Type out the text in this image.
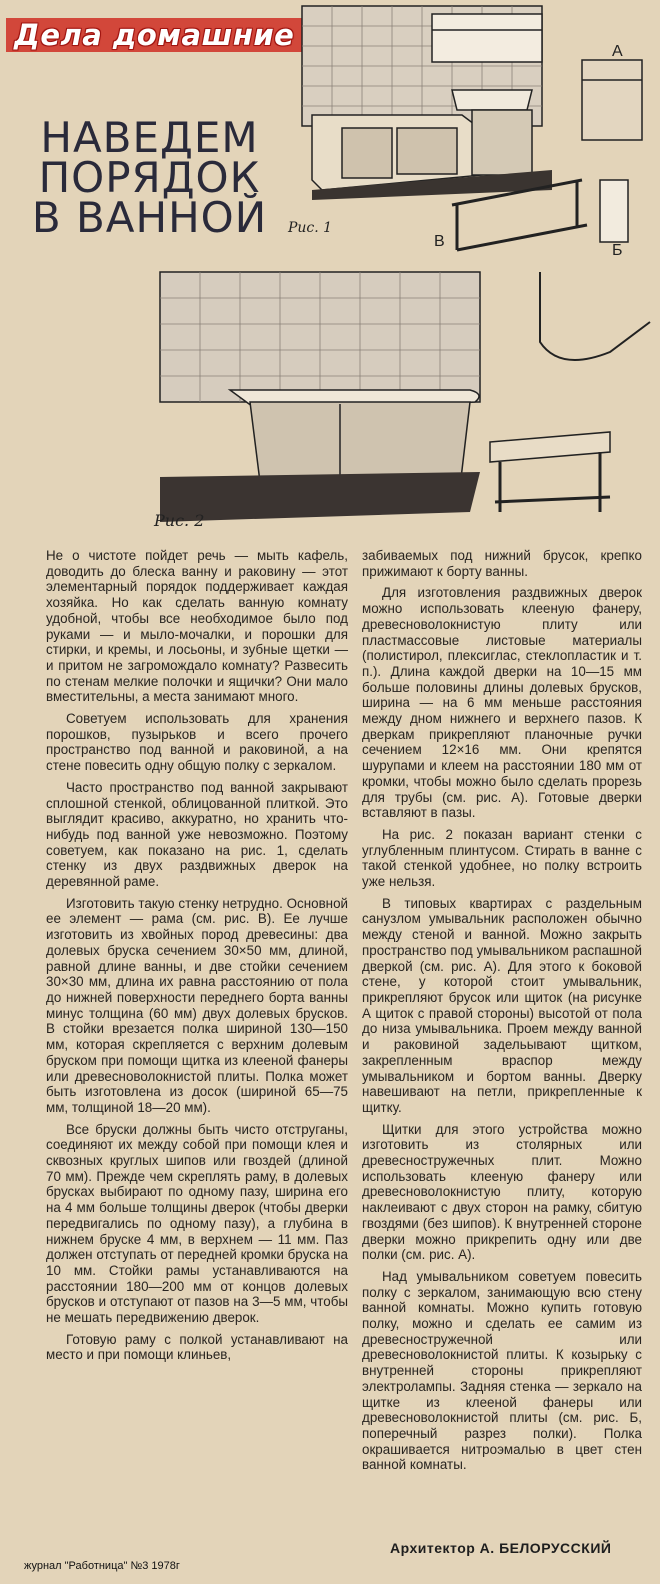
Дела домашние
НАВЕДЕМ
ПОРЯДОК
В ВАННОЙ	Рис. 1
А
Б
В
Рис. 2

Не о чистоте пойдет речь — мыть кафель, доводить до блеска ванну и раковину — этот элементарный порядок поддерживает каждая хозяйка. Но как сделать ванную комнату удобной, чтобы все необходимое было под руками — и мыло-мочалки, и порошки для стирки, и кремы, и лосьоны, и зубные щетки — и притом не загромождало комнату? Развесить по стенам мелкие полочки и ящички? Они мало вместительны, а места занимают много.

Советуем использовать для хранения порошков, пузырьков и всего прочего пространство под ванной и раковиной, а на стене повесить одну общую полку с зеркалом.

Часто пространство под ванной закрывают сплошной стенкой, облицованной плиткой. Это выглядит красиво, аккуратно, но хранить что-нибудь под ванной уже невозможно. Поэтому советуем, как показано на рис. 1, сделать стенку из двух раздвижных дверок на деревянной раме.

Изготовить такую стенку нетрудно. Основной ее элемент — рама (см. рис. В). Ее лучше изготовить из хвойных пород древесины: два долевых бруска сечением 30×50 мм, длиной, равной длине ванны, и две стойки сечением 30×30 мм, длина их равна расстоянию от пола до нижней поверхности переднего борта ванны минус толщина (60 мм) двух долевых брусков. В стойки врезается полка шириной 130—150 мм, которая скрепляется с верхним долевым бруском при помощи щитка из клееной фанеры или древесноволокнистой плиты. Полка может быть изготовлена из досок (шириной 65—75 мм, толщиной 18—20 мм).

Все бруски должны быть чисто отструганы, соединяют их между собой при помощи клея и сквозных круглых шипов или гвоздей (длиной 70 мм). Прежде чем скреплять раму, в долевых брусках выбирают по одному пазу, ширина его на 4 мм больше толщины дверок (чтобы дверки передвигались по одному пазу), а глубина в нижнем бруске 4 мм, в верхнем — 11 мм. Паз должен отступать от передней кромки бруска на 10 мм. Стойки рамы устанавливаются на расстоянии 180—200 мм от концов долевых брусков и отступают от пазов на 3—5 мм, чтобы не мешать передвижению дверок.

Готовую раму с полкой устанавливают на место и при помощи клиньев,

забиваемых под нижний брусок, крепко прижимают к борту ванны.

Для изготовления раздвижных дверок можно использовать клееную фанеру, древесноволокнистую плиту или пластмассовые листовые материалы (полистирол, плексиглас, стеклопластик и т. п.). Длина каждой дверки на 10—15 мм больше половины длины долевых брусков, ширина — на 6 мм меньше расстояния между дном нижнего и верхнего пазов. К дверкам прикрепляют планочные ручки сечением 12×16 мм. Они крепятся шурупами и клеем на расстоянии 180 мм от кромки, чтобы можно было сделать прорезь для трубы (см. рис. А). Готовые дверки вставляют в пазы.

На рис. 2 показан вариант стенки с углубленным плинтусом. Стирать в ванне с такой стенкой удобнее, но полку встроить уже нельзя.

В типовых квартирах с раздельным санузлом умывальник расположен обычно между стеной и ванной. Можно закрыть пространство под умывальником распашной дверкой (см. рис. А). Для этого к боковой стене, у которой стоит умывальник, прикрепляют брусок или щиток (на рисунке А щиток с правой стороны) высотой от пола до низа умывальника. Проем между ванной и раковиной задельывают щитком, закрепленным враспор между умывальником и бортом ванны. Дверку навешивают на петли, прикрепленные к щитку.

Щитки для этого устройства можно изготовить из столярных или древесностружечных плит. Можно использовать клееную фанеру или древесноволокнистую плиту, которую наклеивают с двух сторон на рамку, сбитую гвоздями (без шипов). К внутренней стороне дверки можно прикрепить одну или две полки (см. рис. А).

Над умывальником советуем повесить полку с зеркалом, занимающую всю стену ванной комнаты. Можно купить готовую полку, можно и сделать ее самим из древесностружечной или древесноволокнистой плиты. К козырьку с внутренней стороны прикрепляют электролампы. Задняя стенка — зеркало на щитке из клееной фанеры или древесноволокнистой плиты (см. рис. Б, поперечный разрез полки). Полка окрашивается нитроэмалью в цвет стен ванной комнаты.

Архитектор А. БЕЛОРУССКИЙ
журнал "Работница" №3 1978г
